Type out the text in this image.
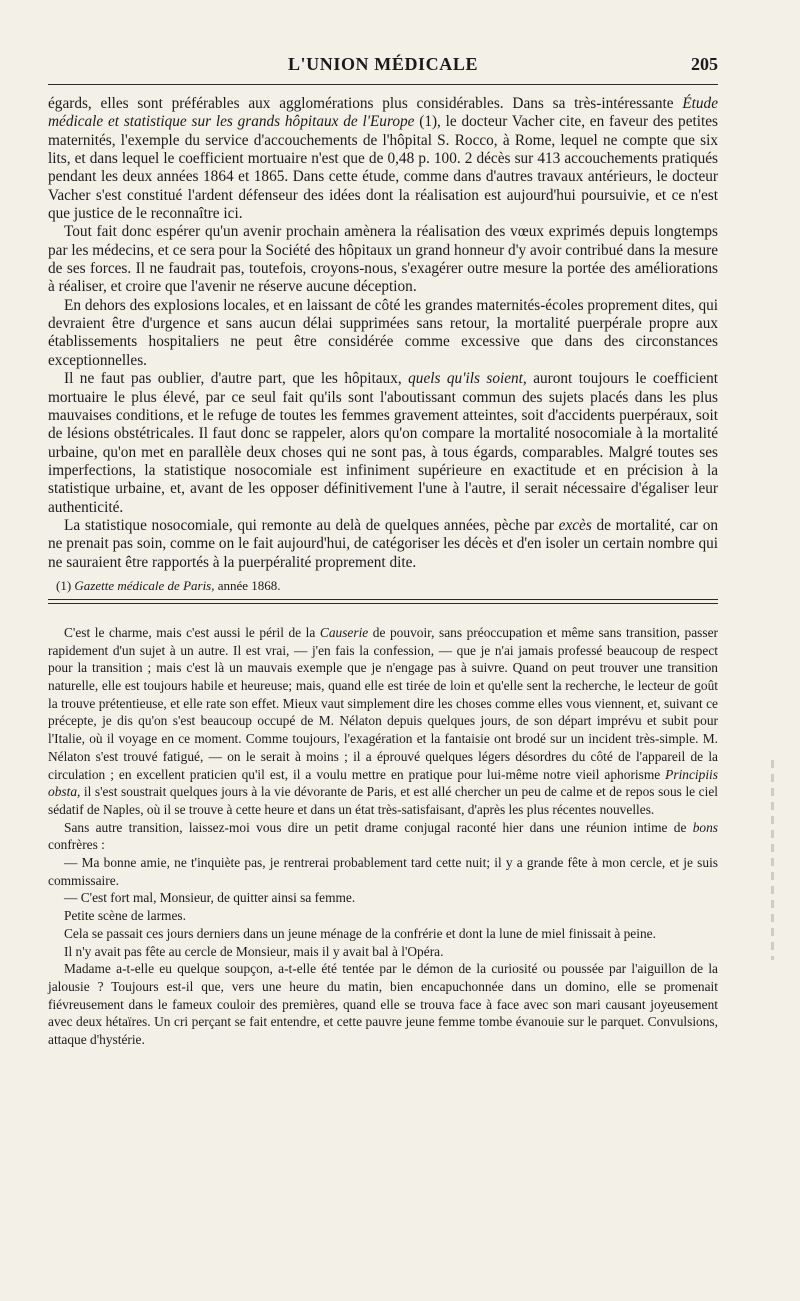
L'UNION MÉDICALE	205

égards, elles sont préférables aux agglomérations plus considérables. Dans sa très-intéressante Étude médicale et statistique sur les grands hôpitaux de l'Europe (1), le docteur Vacher cite, en faveur des petites maternités, l'exemple du service d'accouchements de l'hôpital S. Rocco, à Rome, lequel ne compte que six lits, et dans lequel le coefficient mortuaire n'est que de 0,48 p. 100. 2 décès sur 413 accouchements pratiqués pendant les deux années 1864 et 1865. Dans cette étude, comme dans d'autres travaux antérieurs, le docteur Vacher s'est constitué l'ardent défenseur des idées dont la réalisation est aujourd'hui poursuivie, et ce n'est que justice de le reconnaître ici.

Tout fait donc espérer qu'un avenir prochain amènera la réalisation des vœux exprimés depuis longtemps par les médecins, et ce sera pour la Société des hôpitaux un grand honneur d'y avoir contribué dans la mesure de ses forces. Il ne faudrait pas, toutefois, croyons-nous, s'exagérer outre mesure la portée des améliorations à réaliser, et croire que l'avenir ne réserve aucune déception.

En dehors des explosions locales, et en laissant de côté les grandes maternités-écoles proprement dites, qui devraient être d'urgence et sans aucun délai supprimées sans retour, la mortalité puerpérale propre aux établissements hospitaliers ne peut être considérée comme excessive que dans des circonstances exceptionnelles.

Il ne faut pas oublier, d'autre part, que les hôpitaux, quels qu'ils soient, auront toujours le coefficient mortuaire le plus élevé, par ce seul fait qu'ils sont l'aboutissant commun des sujets placés dans les plus mauvaises conditions, et le refuge de toutes les femmes gravement atteintes, soit d'accidents puerpéraux, soit de lésions obstétricales. Il faut donc se rappeler, alors qu'on compare la mortalité nosocomiale à la mortalité urbaine, qu'on met en parallèle deux choses qui ne sont pas, à tous égards, comparables. Malgré toutes ses imperfections, la statistique nosocomiale est infiniment supérieure en exactitude et en précision à la statistique urbaine, et, avant de les opposer définitivement l'une à l'autre, il serait nécessaire d'égaliser leur authenticité.

La statistique nosocomiale, qui remonte au delà de quelques années, pèche par excès de mortalité, car on ne prenait pas soin, comme on le fait aujourd'hui, de catégoriser les décès et d'en isoler un certain nombre qui ne sauraient être rapportés à la puerpéralité proprement dite.

(1) Gazette médicale de Paris, année 1868.

C'est le charme, mais c'est aussi le péril de la Causerie de pouvoir, sans préoccupation et même sans transition, passer rapidement d'un sujet à un autre. Il est vrai, — j'en fais la confession, — que je n'ai jamais professé beaucoup de respect pour la transition ; mais c'est là un mauvais exemple que je n'engage pas à suivre. Quand on peut trouver une transition naturelle, elle est toujours habile et heureuse; mais, quand elle est tirée de loin et qu'elle sent la recherche, le lecteur de goût la trouve prétentieuse, et elle rate son effet. Mieux vaut simplement dire les choses comme elles vous viennent, et, suivant ce précepte, je dis qu'on s'est beaucoup occupé de M. Nélaton depuis quelques jours, de son départ imprévu et subit pour l'Italie, où il voyage en ce moment. Comme toujours, l'exagération et la fantaisie ont brodé sur un incident très-simple. M. Nélaton s'est trouvé fatigué, — on le serait à moins ; il a éprouvé quelques légers désordres du côté de l'appareil de la circulation ; en excellent praticien qu'il est, il a voulu mettre en pratique pour lui-même notre vieil aphorisme Principiis obsta, il s'est soustrait quelques jours à la vie dévorante de Paris, et est allé chercher un peu de calme et de repos sous le ciel sédatif de Naples, où il se trouve à cette heure et dans un état très-satisfaisant, d'après les plus récentes nouvelles.

Sans autre transition, laissez-moi vous dire un petit drame conjugal raconté hier dans une réunion intime de bons confrères :

— Ma bonne amie, ne t'inquiète pas, je rentrerai probablement tard cette nuit; il y a grande fête à mon cercle, et je suis commissaire.

— C'est fort mal, Monsieur, de quitter ainsi sa femme.

Petite scène de larmes.

Cela se passait ces jours derniers dans un jeune ménage de la confrérie et dont la lune de miel finissait à peine.

Il n'y avait pas fête au cercle de Monsieur, mais il y avait bal à l'Opéra.

Madame a-t-elle eu quelque soupçon, a-t-elle été tentée par le démon de la curiosité ou poussée par l'aiguillon de la jalousie ? Toujours est-il que, vers une heure du matin, bien encapuchonnée dans un domino, elle se promenait fiévreusement dans le fameux couloir des premières, quand elle se trouva face à face avec son mari causant joyeusement avec deux hétaïres. Un cri perçant se fait entendre, et cette pauvre jeune femme tombe évanouie sur le parquet. Convulsions, attaque d'hystérie.
